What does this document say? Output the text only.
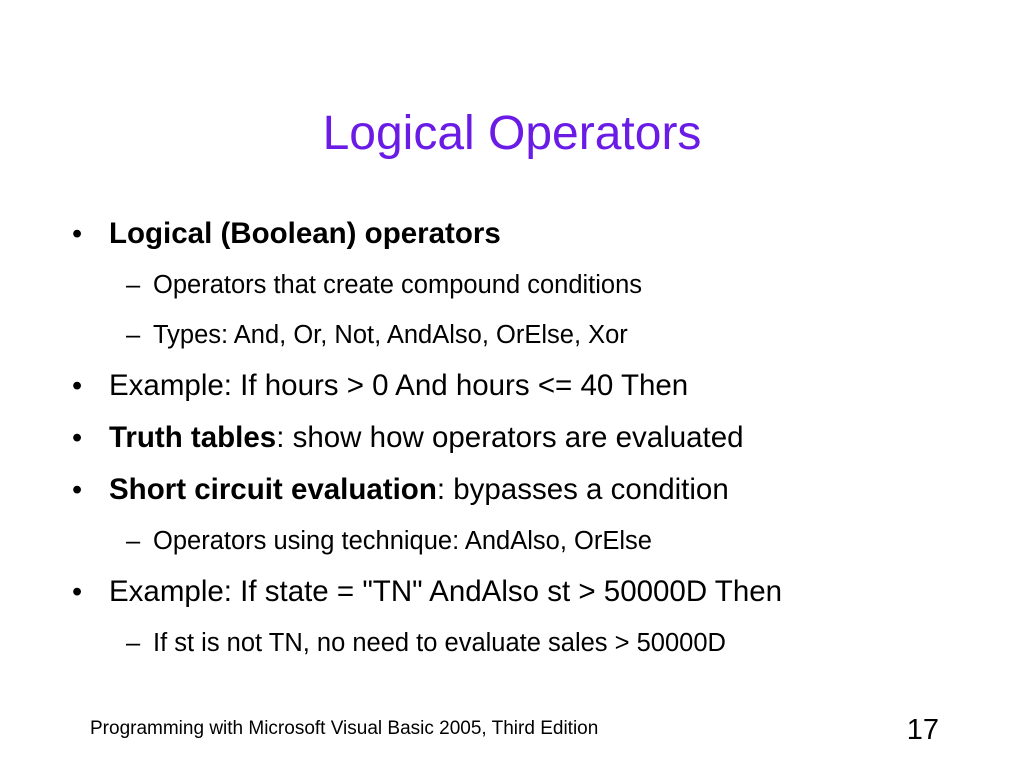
Logical Operators
• Logical (Boolean) operators
– Operators that create compound conditions
– Types: And, Or, Not, AndAlso, OrElse, Xor
• Example: If hours > 0 And hours <= 40 Then
• Truth tables: show how operators are evaluated
• Short circuit evaluation: bypasses a condition
– Operators using technique: AndAlso, OrElse
• Example: If state = "TN" AndAlso st > 50000D Then
– If st is not TN, no need to evaluate sales > 50000D
Programming with Microsoft Visual Basic 2005, Third Edition	17
